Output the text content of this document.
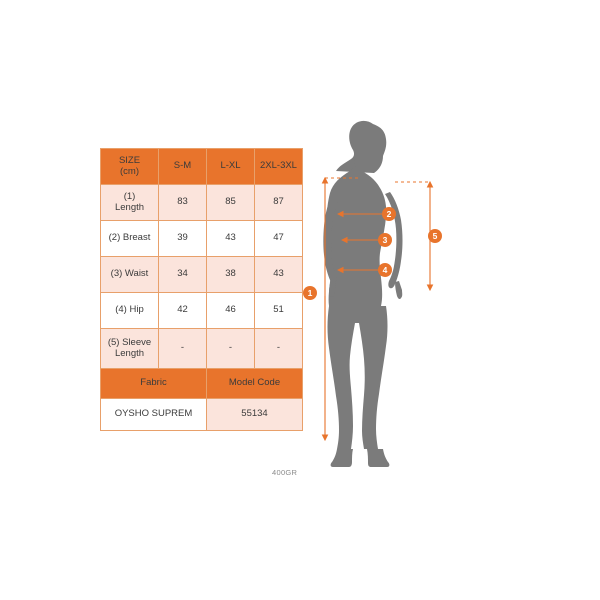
SIZE
(cm)	S-M	L-XL	2XL-3XL

(1)
Length	83	85	87
(2) Breast	39	43	47
(3) Waist	34	38	43
(4) Hip	42	46	51

(5) Sleeve
Length	-	-	-
Fabric		Model Code	
OYSHO SUPREM		55134	
400GR
1
2
3
4
5
